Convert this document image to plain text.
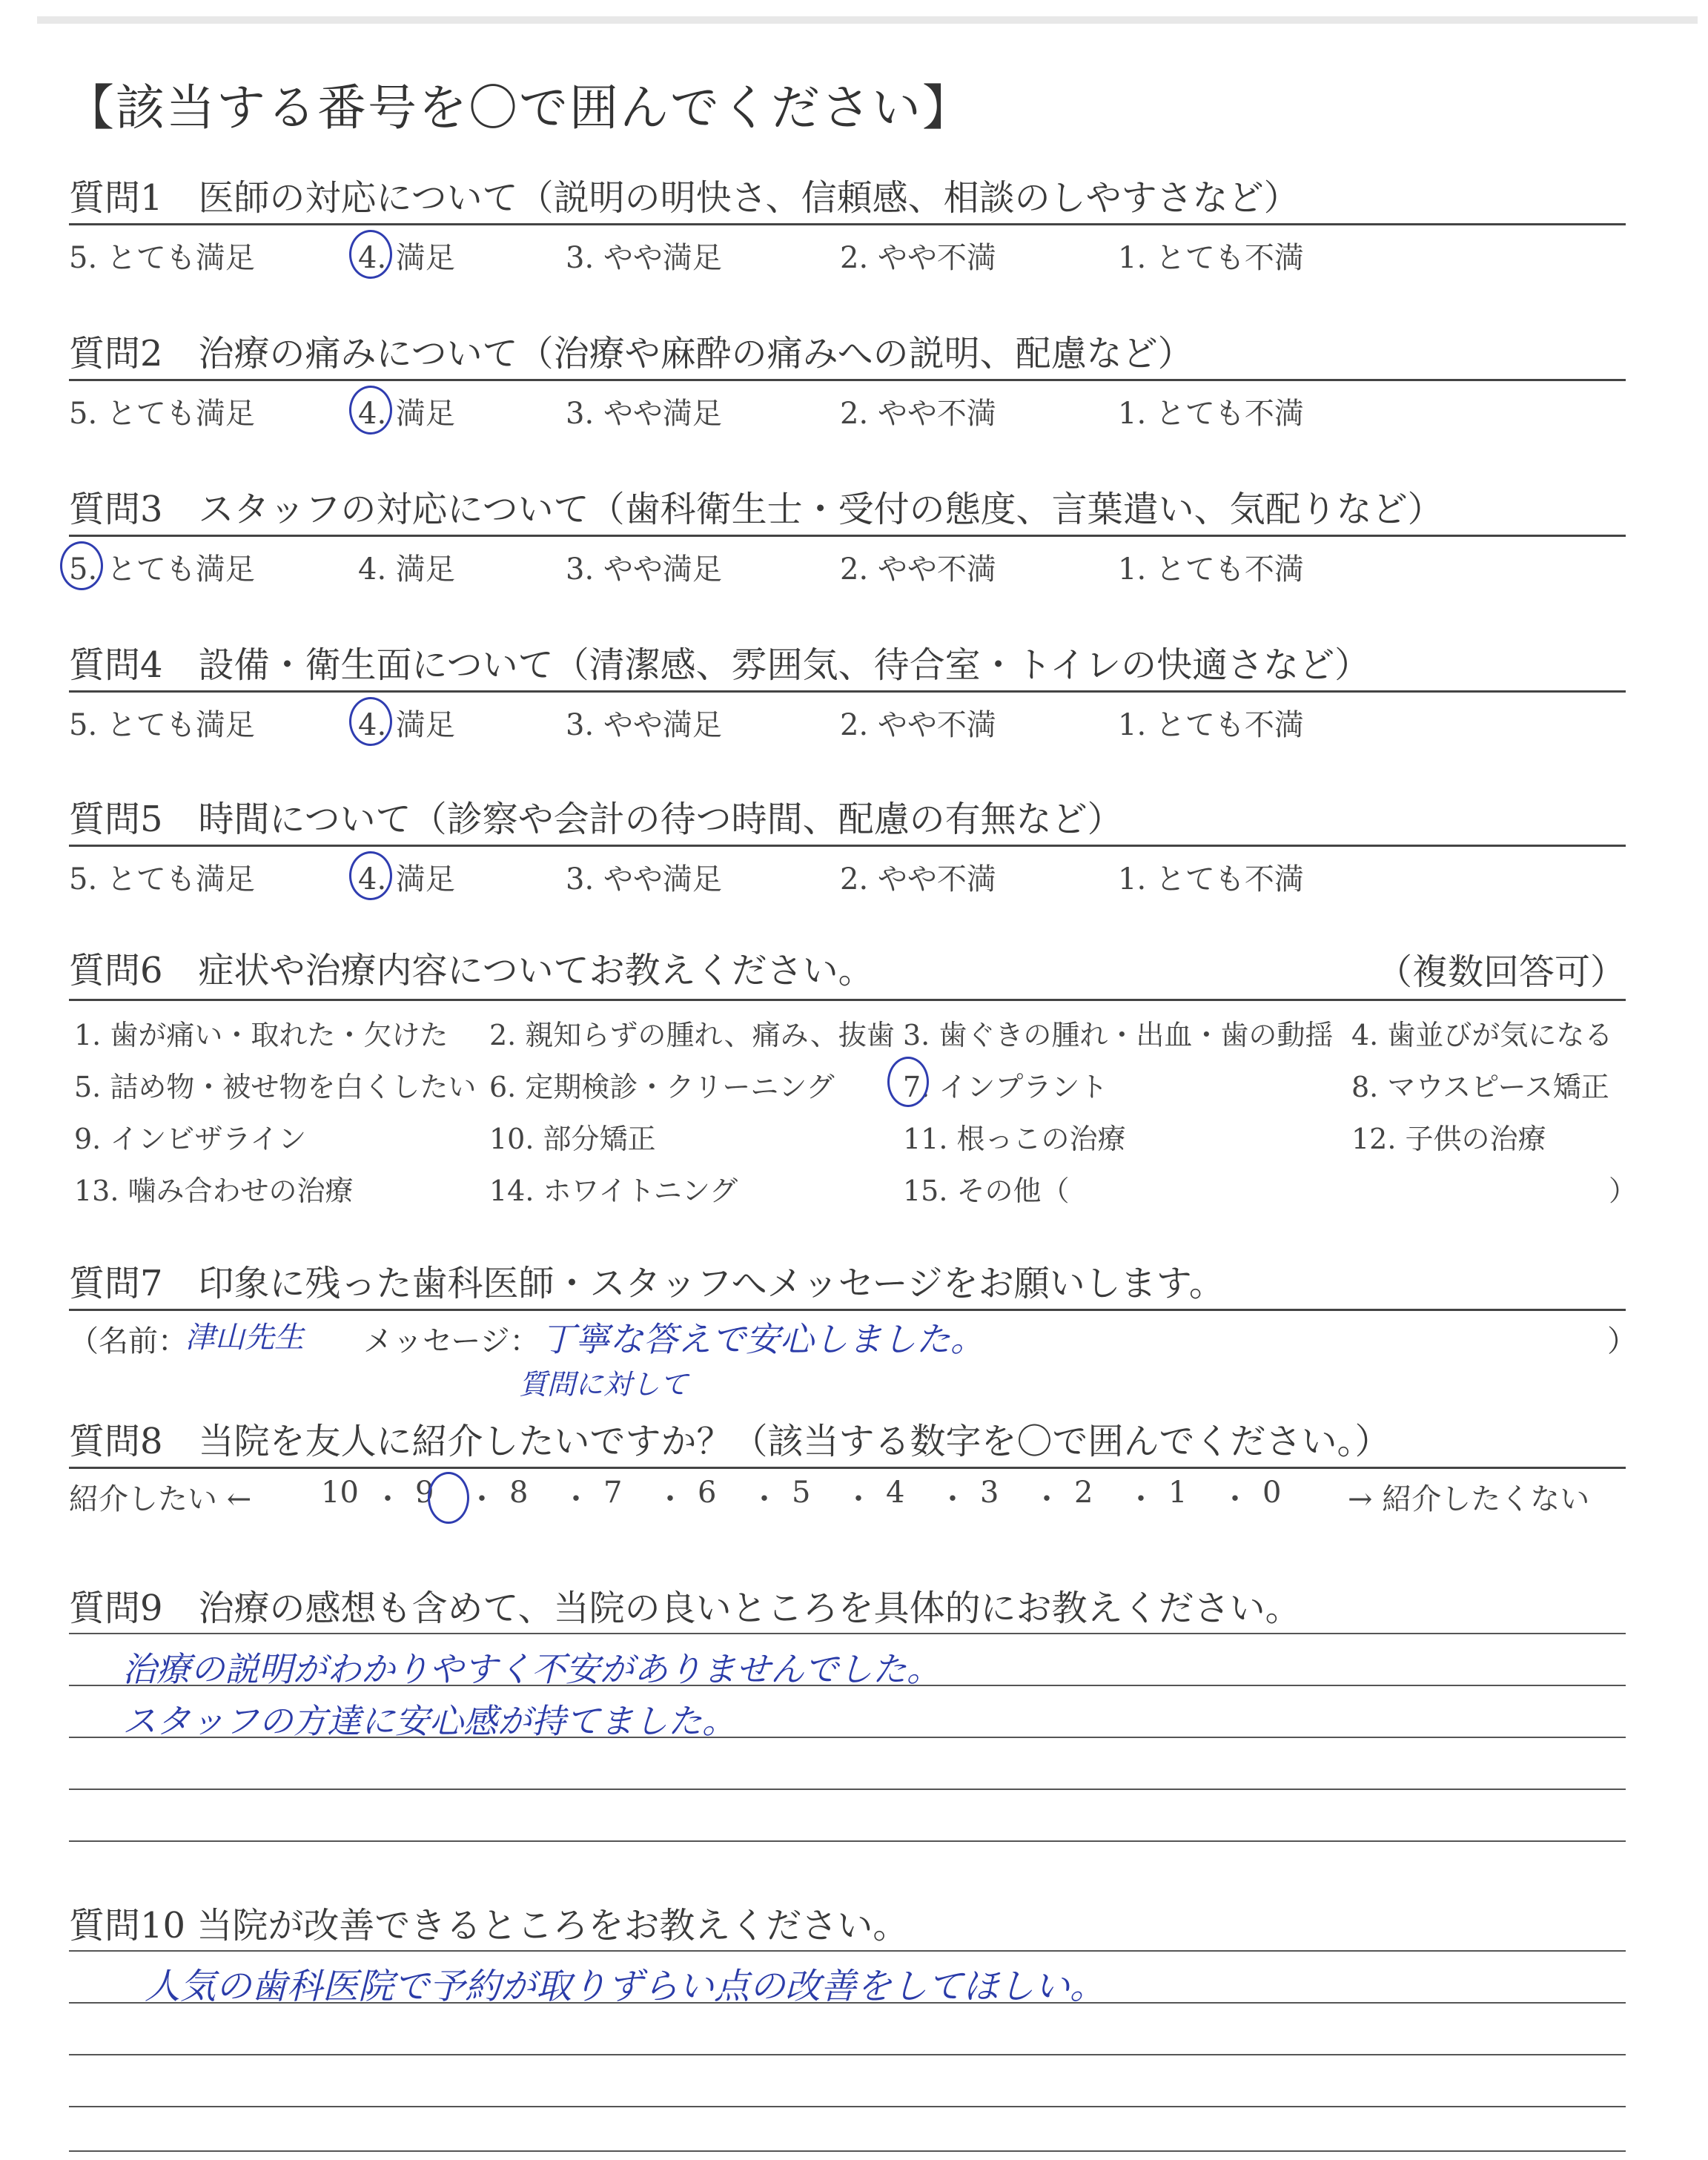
【該当する番号を〇で囲んでください】
質問1　医師の対応について（説明の明快さ、信頼感、相談のしやすさなど）
5. とても満足	4. 満足	3. やや満足	2. やや不満	1. とても不満
質問2　治療の痛みについて（治療や麻酔の痛みへの説明、配慮など）
5. とても満足	4. 満足	3. やや満足	2. やや不満	1. とても不満
質問3　スタッフの対応について（歯科衛生士・受付の態度、言葉遣い、気配りなど）
5. とても満足	4. 満足	3. やや満足	2. やや不満	1. とても不満
質問4　設備・衛生面について（清潔感、雰囲気、待合室・トイレの快適さなど）
5. とても満足	4. 満足	3. やや満足	2. やや不満	1. とても不満
質問5　時間について（診察や会計の待つ時間、配慮の有無など）
5. とても満足	4. 満足	3. やや満足	2. やや不満	1. とても不満
質問6　症状や治療内容についてお教えください。	（複数回答可）
1. 歯が痛い・取れた・欠けた 2. 親知らずの腫れ、痛み、抜歯 3. 歯ぐきの腫れ・出血・歯の動揺 4. 歯並びが気になる
5. 詰め物・被せ物を白くしたい 6. 定期検診・クリーニング 7. インプラント	8. マウスピース矯正
9. インビザライン	10. 部分矯正	11. 根っこの治療	12. 子供の治療
13. 噛み合わせの治療	14. ホワイトニング	15. その他（	）
質問7　印象に残った歯科医師・スタッフへメッセージをお願いします。
（名前：
津山先生 メッセージ： 丁寧な答えで安心しました。
質問に対して
）
質問8　当院を友人に紹介したいですか？（該当する数字を〇で囲んでください。）
紹介したい ←	→ 紹介したくない
10 ・ 9 ・ 8 ・ 7 ・ 6 ・ 5 ・ 4 ・ 3 ・ 2 ・ 1 ・ 0
質問9　治療の感想も含めて、当院の良いところを具体的にお教えください。
治療の説明がわかりやすく不安がありませんでした。
スタッフの方達に安心感が持てました。
質問10 当院が改善できるところをお教えください。
人気の歯科医院で予約が取りずらい点の改善をしてほしい。
